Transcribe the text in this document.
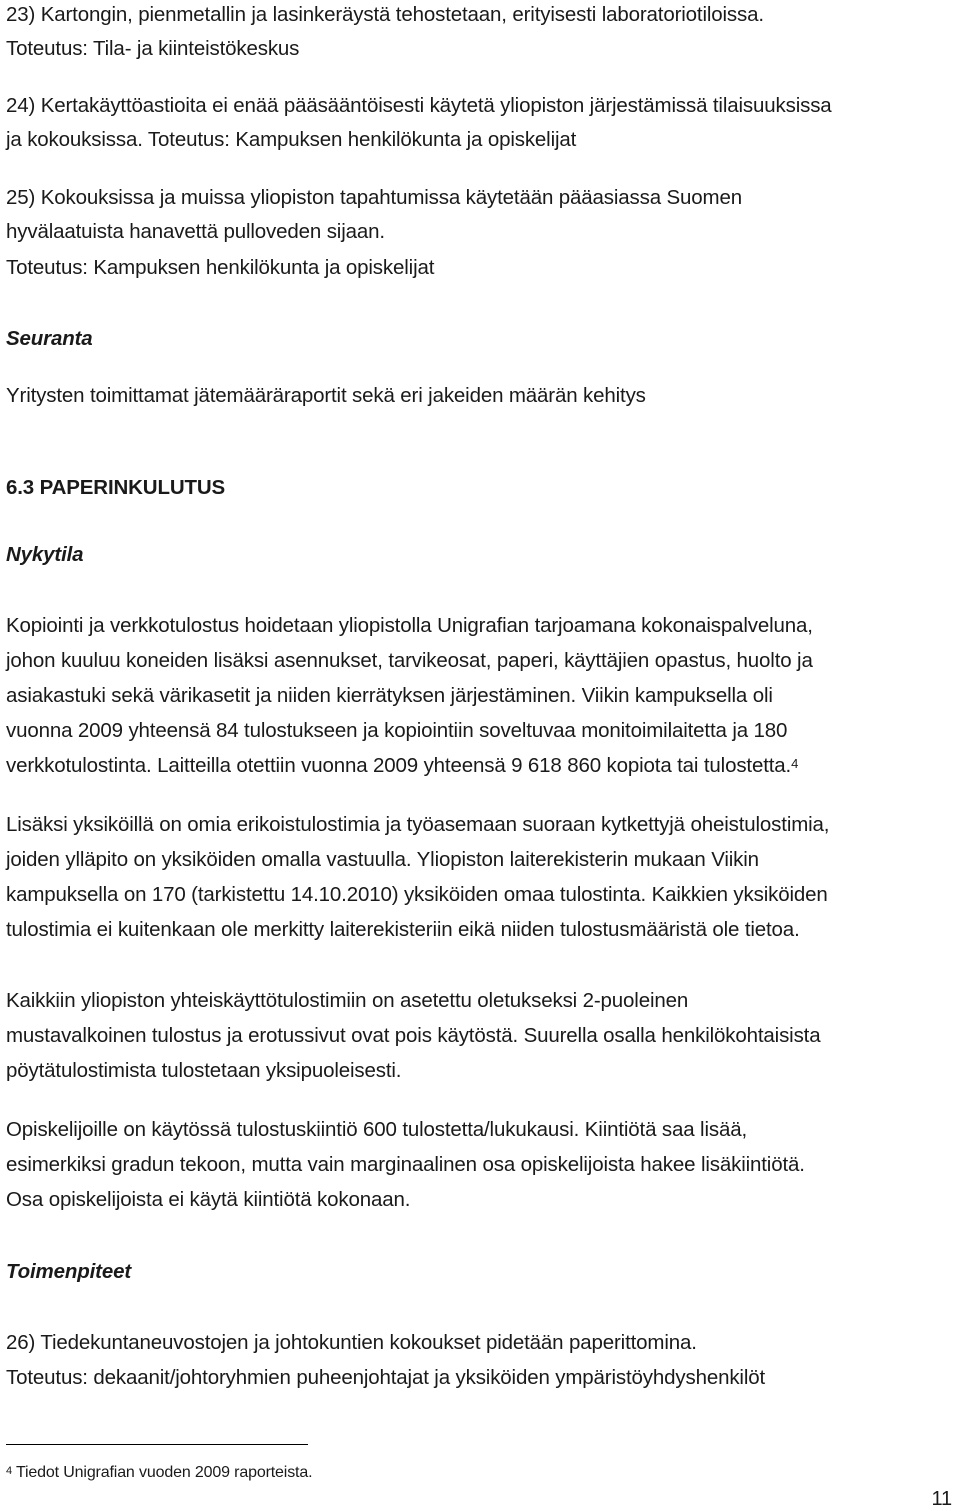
23) Kartongin, pienmetallin ja lasinkeräystä tehostetaan, erityisesti laboratoriotiloissa.
Toteutus: Tila- ja kiinteistökeskus
24) Kertakäyttöastioita ei enää pääsääntöisesti käytetä yliopiston järjestämissä tilaisuuksissa
ja kokouksissa. Toteutus: Kampuksen henkilökunta ja opiskelijat
25) Kokouksissa ja muissa yliopiston tapahtumissa käytetään pääasiassa Suomen
hyvälaatuista hanavettä pulloveden sijaan.
Toteutus: Kampuksen henkilökunta ja opiskelijat
Seuranta
Yritysten toimittamat jätemääräraportit sekä eri jakeiden määrän kehitys
6.3 PAPERINKULUTUS
Nykytila
Kopiointi ja verkkotulostus hoidetaan yliopistolla Unigrafian tarjoamana kokonaispalveluna,
johon kuuluu koneiden lisäksi asennukset, tarvikeosat, paperi, käyttäjien opastus, huolto ja
asiakastuki sekä värikasetit ja niiden kierrätyksen järjestäminen. Viikin kampuksella oli
vuonna 2009 yhteensä 84 tulostukseen ja kopiointiin soveltuvaa monitoimilaitetta ja 180
verkkotulostinta. Laitteilla otettiin vuonna 2009 yhteensä 9 618 860 kopiota tai tulostetta.$^4$
Lisäksi yksiköillä on omia erikoistulostimia ja työasemaan suoraan kytkettyjä oheistulostimia,
joiden ylläpito on yksiköiden omalla vastuulla. Yliopiston laiterekisterin mukaan Viikin
kampuksella on 170 (tarkistettu 14.10.2010) yksiköiden omaa tulostinta. Kaikkien yksiköiden
tulostimia ei kuitenkaan ole merkitty laiterekisteriin eikä niiden tulostusmääristä ole tietoa.
Kaikkiin yliopiston yhteiskäyttötulostimiin on asetettu oletukseksi 2-puoleinen
mustavalkoinen tulostus ja erotussivut ovat pois käytöstä. Suurella osalla henkilökohtaisista
pöytätulostimista tulostetaan yksipuoleisesti.
Opiskelijoille on käytössä tulostuskiintiö 600 tulostetta/lukukausi. Kiintiötä saa lisää,
esimerkiksi gradun tekoon, mutta vain marginaalinen osa opiskelijoista hakee lisäkiintiötä.
Osa opiskelijoista ei käytä kiintiötä kokonaan.
Toimenpiteet
26) Tiedekuntaneuvostojen ja johtokuntien kokoukset pidetään paperittomina.
Toteutus: dekaanit/johtoryhmien puheenjohtajat ja yksiköiden ympäristöyhdyshenkilöt
$^4$ Tiedot Unigrafian vuoden 2009 raporteista.
11
